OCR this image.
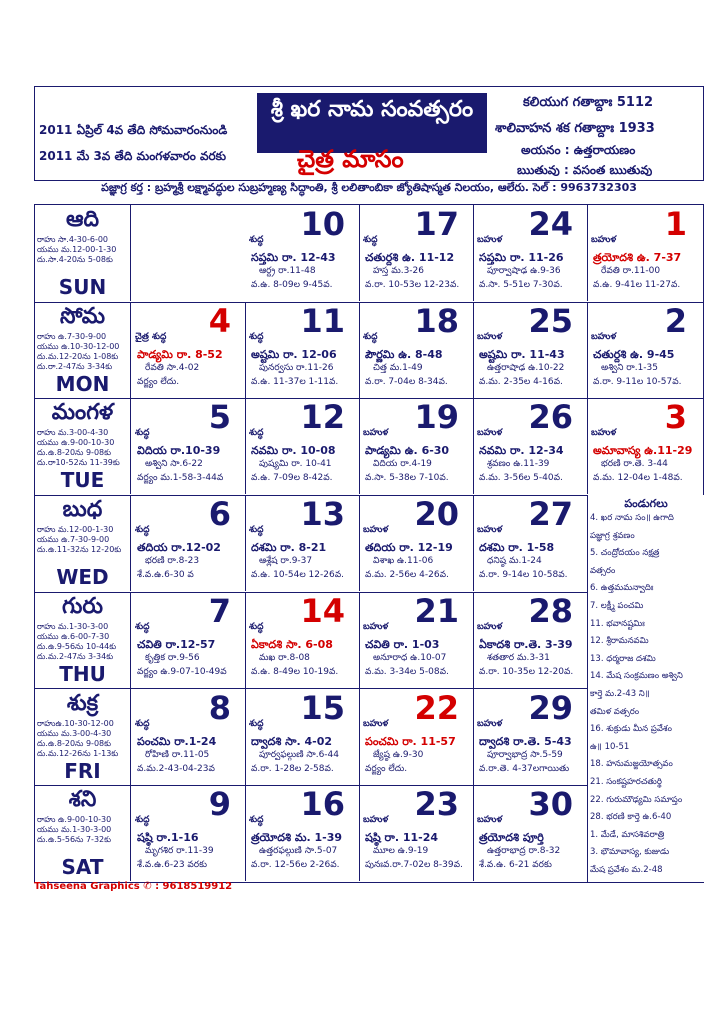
2011 ఏప్రిల్ 4వ తేది సోమవారంనుండి
2011 మే 3వ తేది మంగళవారం వరకు
శ్రీ ఖర నామ సంవత్సరం
చైత్ర మాసం
కలియుగ గతాబ్దాః 5112
శాలివాహన శక గతాబ్దాః 1933
అయనం : ఉత్తరాయణం
ఋతువు : వసంత ఋతువు
పజ్ఞాగ్ర కర్త : బ్రహ్మశ్రీ లక్ష్మావద్ధుల సుబ్రహ్మణ్య సిద్ధాంతి, శ్రీ లలితాంబికా జ్యోతిషాస్మత నిలయం, ఆలేరు. సెల్ : 9963732303
ఆది
రాహు సా.4-30-6-00
యము మ.12-00-1-30
దు.సా.4-20ను 5-08కు
SUN
10
శుద్ధ
సప్తమి రా. 12-43
ఆర్ద్ర రా.11-48
వ.ఉ. 8-09ల 9-45వ.
17
శుద్ధ
చతుర్దశి ఉ. 11-12
హస్త మ.3-26
వ.రా. 10-53ల 12-23వ.
24
బహుళ
సప్తమి రా. 11-26
పూర్వాషాఢ ఉ.9-36
వ.సా. 5-51ల 7-30వ.
1
బహుళ
త్రయోదశి ఉ. 7-37
రేవతి రా.11-00
వ.ఉ. 9-41ల 11-27వ.
సోమ
రాహు ఉ.7-30-9-00
యము ఉ.10-30-12-00
దు.మ.12-20ను 1-08కు
దు.రా.2-47ను 3-34కు
MON
4
చైత్ర శుద్ధ
పాడ్యమి రా. 8-52
రేవతి సా.4-02
వర్జ్యం లేదు.
11
శుద్ధ
అష్టమి రా. 12-06
పునర్వసు రా.11-26
వ.ఉ. 11-37ల 1-11వ.
18
శుద్ధ
పౌర్ణమి ఉ. 8-48
చిత్త మ.1-49
వ.రా. 7-04ల 8-34వ.
25
బహుళ
అష్టమి రా. 11-43
ఉత్తరాషాఢ ఉ.10-22
వ.మ. 2-35ల 4-16వ.
2
బహుళ
చతుర్దశి ఉ. 9-45
అశ్విని రా.1-35
వ.రా. 9-11ల 10-57వ.
మంగళ
రాహు మ.3-00-4-30
యము ఉ.9-00-10-30
దు.ఉ.8-20ను 9-08కు
దు.రా10-52ను 11-39కు
TUE
5
శుద్ధ
విదియ రా.10-39
అశ్విని సా.6-22
వర్జ్యం మ.1-58-3-44వ
12
శుద్ధ
నవమి రా. 10-08
పుష్యమి రా. 10-41
వ.ఉ. 7-09ల 8-42వ.
19
బహుళ
పాడ్యమి ఉ. 6-30
విదియ రా.4-19
వ.సా. 5-38ల 7-10వ.
26
బహుళ
నవమి రా. 12-34
శ్రవణం ఉ.11-39
వ.మ. 3-56ల 5-40వ.
3
బహుళ
అమావాస్య ఉ.11-29
భరణి రా.తె. 3-44
వ.మ. 12-04ల 1-48వ.
బుధ
రాహు మ.12-00-1-30
యము ఉ.7-30-9-00
దు.ఉ.11-32ను 12-20కు
WED
6
శుద్ధ
తదియ రా.12-02
భరణి రా.8-23
శే.వ.ఉ.6-30 వ
13
శుద్ధ
దశమి రా. 8-21
ఆశ్లేష రా.9-37
వ.ఉ. 10-54ల 12-26వ.
20
బహుళ
తదియ రా. 12-19
విశాఖ ఉ.11-06
వ.మ. 2-56ల 4-26వ.
27
బహుళ
దశమి రా. 1-58
ధనిష్ఠ మ.1-24
వ.రా. 9-14ల 10-58వ.
గురు
రాహు మ.1-30-3-00
యము ఉ.6-00-7-30
దు.ఉ.9-56ను 10-44కు
దు.మ.2-47ను 3-34కు
THU
7
శుద్ధ
చవితి రా.12-57
కృత్తిక రా.9-56
వర్జ్యం ఉ.9-07-10-49వ
14
శుద్ధ
ఏకాదశి సా. 6-08
మఖ రా.8-08
వ.ఉ. 8-49ల 10-19వ.
21
బహుళ
చవితి రా. 1-03
అనూరాధ ఉ.10-07
వ.మ. 3-34ల 5-08వ.
28
బహుళ
ఏకాదశి రా.తె. 3-39
శతతార మ.3-31
వ.రా. 10-35ల 12-20వ.
శుక్ర
రాహుఉ.10-30-12-00
యము మ.3-00-4-30
దు.ఉ.8-20ను 9-08కు
దు.మ.12-26ను 1-13కు
FRI
8
శుద్ధ
పంచమి రా.1-24
రోహిణి రా.11-05
వ.మ.2-43-04-23వ
15
శుద్ధ
ద్వాదశి సా. 4-02
పూర్వఫల్గుణి సా.6-44
వ.రా. 1-28ల 2-58వ.
22
బహుళ
పంచమి రా. 11-57
జ్యేష్ఠ ఉ.9-30
వర్జ్యం లేదు.
29
బహుళ
ద్వాదశి రా.తె. 5-43
పూర్వాభాద్ర సా.5-59
వ.రా.తె. 4-37లగాయితు
శని
రాహు ఉ.9-00-10-30
యము మ.1-30-3-00
దు.ఉ.5-56ను 7-32కు
SAT
9
శుద్ధ
షష్ఠి రా.1-16
మృగశిర రా.11-39
శే.వ.ఉ.6-23 వరకు
16
శుద్ధ
త్రయోదశి మ. 1-39
ఉత్తరఫల్గుణి సా.5-07
వ.రా. 12-56ల 2-26వ.
23
బహుళ
షష్ఠి రా. 11-24
మూల ఉ.9-19
పునఃవ.రా.7-02ల 8-39వ.
30
బహుళ
త్రయోదశి పూర్తి
ఉత్తరాభాద్ర రా.8-32
శే.వ.ఉ. 6-21 వరకు
పండుగలు
4. ఖర నామ సం॥ ఉగాది
పజ్ఞాగ్ర శ్రవణం
5. చంద్రోదయం నక్షత్ర
వత్సరం
6. ఉత్తమమన్వాదిః
7. లక్ష్మీ పంచమి
11. భవానష్టమిః
12. శ్రీరామనవమి
13. ధర్మరాజ దశమి
14. మేష సంక్రమణం అశ్విని
కార్తె మ.2-43 ని॥
తమిళ వత్సరం
16. శుక్రుడు మీన ప్రవేశం
ఉ॥ 10-51
18. హనుమజ్జయోత్సవం
21. సంకష్టహరచతుర్థి
22. గురుమౌఢ్యమి సమాప్తం
28. భరణి కార్తె ఉ.6-40
1. మేడే, మాసశివరాత్రి
3. భౌమావాస్య, కుజుడు
మేష ప్రవేశం మ.2-48
Tahseena Graphics ✆ : 9618519912
